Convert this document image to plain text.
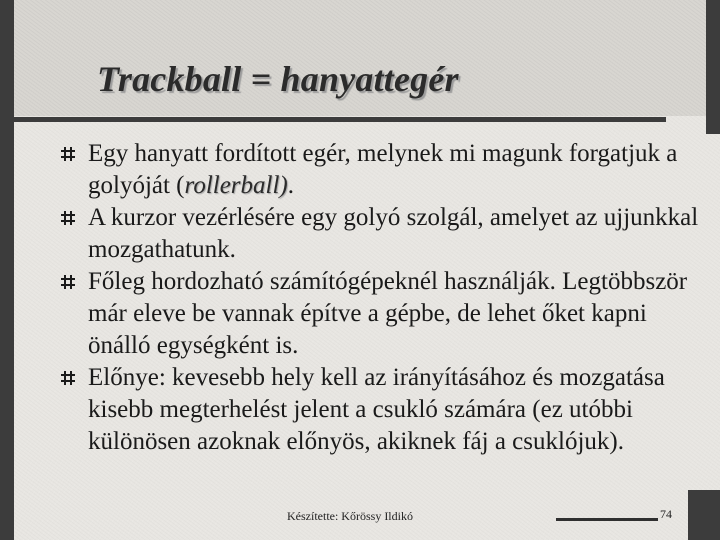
Trackball = hanyattegér
Egy hanyatt fordított egér, melynek mi magunk forgatjuk a golyóját (rollerball).
A kurzor vezérlésére egy golyó szolgál, amelyet az ujjunkkal mozgathatunk.
Főleg hordozható számítógépeknél használják. Legtöbbször már eleve be vannak építve a gépbe, de lehet őket kapni önálló egységként is.
Előnye: kevesebb hely kell az irányításához és mozgatása kisebb megterhelést jelent a csukló számára (ez utóbbi különösen azoknak előnyös, akiknek fáj a csuklójuk).
Készítette: Kőrössy Ildikó	74
